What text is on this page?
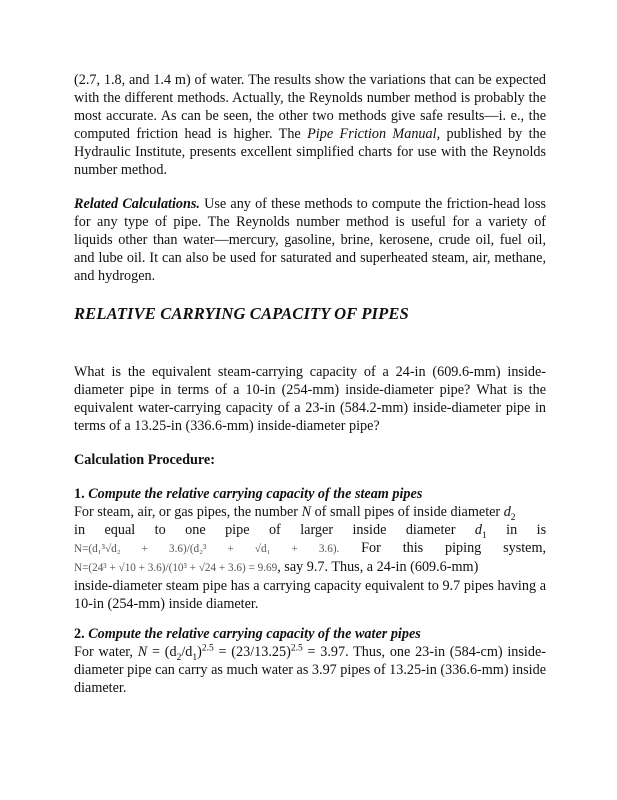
(2.7, 1.8, and 1.4 m) of water. The results show the variations that can be expected with the different methods. Actually, the Reynolds number method is probably the most accurate. As can be seen, the other two methods give safe results—i. e., the computed friction head is higher. The Pipe Friction Manual, published by the Hydraulic Institute, presents excellent simplified charts for use with the Reynolds number method.

Related Calculations. Use any of these methods to compute the friction-head loss for any type of pipe. The Reynolds number method is useful for a variety of liquids other than water—mercury, gasoline, brine, kerosene, crude oil, fuel oil, and lube oil. It can also be used for saturated and superheated steam, air, methane, and hydrogen.

RELATIVE CARRYING CAPACITY OF PIPES

What is the equivalent steam-carrying capacity of a 24-in (609.6-mm) inside-diameter pipe in terms of a 10-in (254-mm) inside-diameter pipe? What is the equivalent water-carrying capacity of a 23-in (584.2-mm) inside-diameter pipe in terms of a 13.25-in (336.6-mm) inside-diameter pipe?

Calculation Procedure:

1. Compute the relative carrying capacity of the steam pipes

For steam, air, or gas pipes, the number N of small pipes of inside diameter $d_2$

in equal to one pipe of larger inside diameter $d_1$ in is

N=(d₁³√d₂ + 3.6)/(d₂³ + √d₁ + 3.6). For this piping system,

N=(24³ + √10 + 3.6)/(10³ + √24 + 3.6) = 9.69, say 9.7. Thus, a 24-in (609.6-mm)

inside-diameter steam pipe has a carrying capacity equivalent to 9.7 pipes having a 10-in (254-mm) inside diameter.

2. Compute the relative carrying capacity of the water pipes

For water, $N = (d_2/d_1)^{2.5} = (23/13.25)^{2.5} = 3.97$. Thus, one 23-in (584-cm) inside-diameter pipe can carry as much water as 3.97 pipes of 13.25-in (336.6-mm) inside diameter.
